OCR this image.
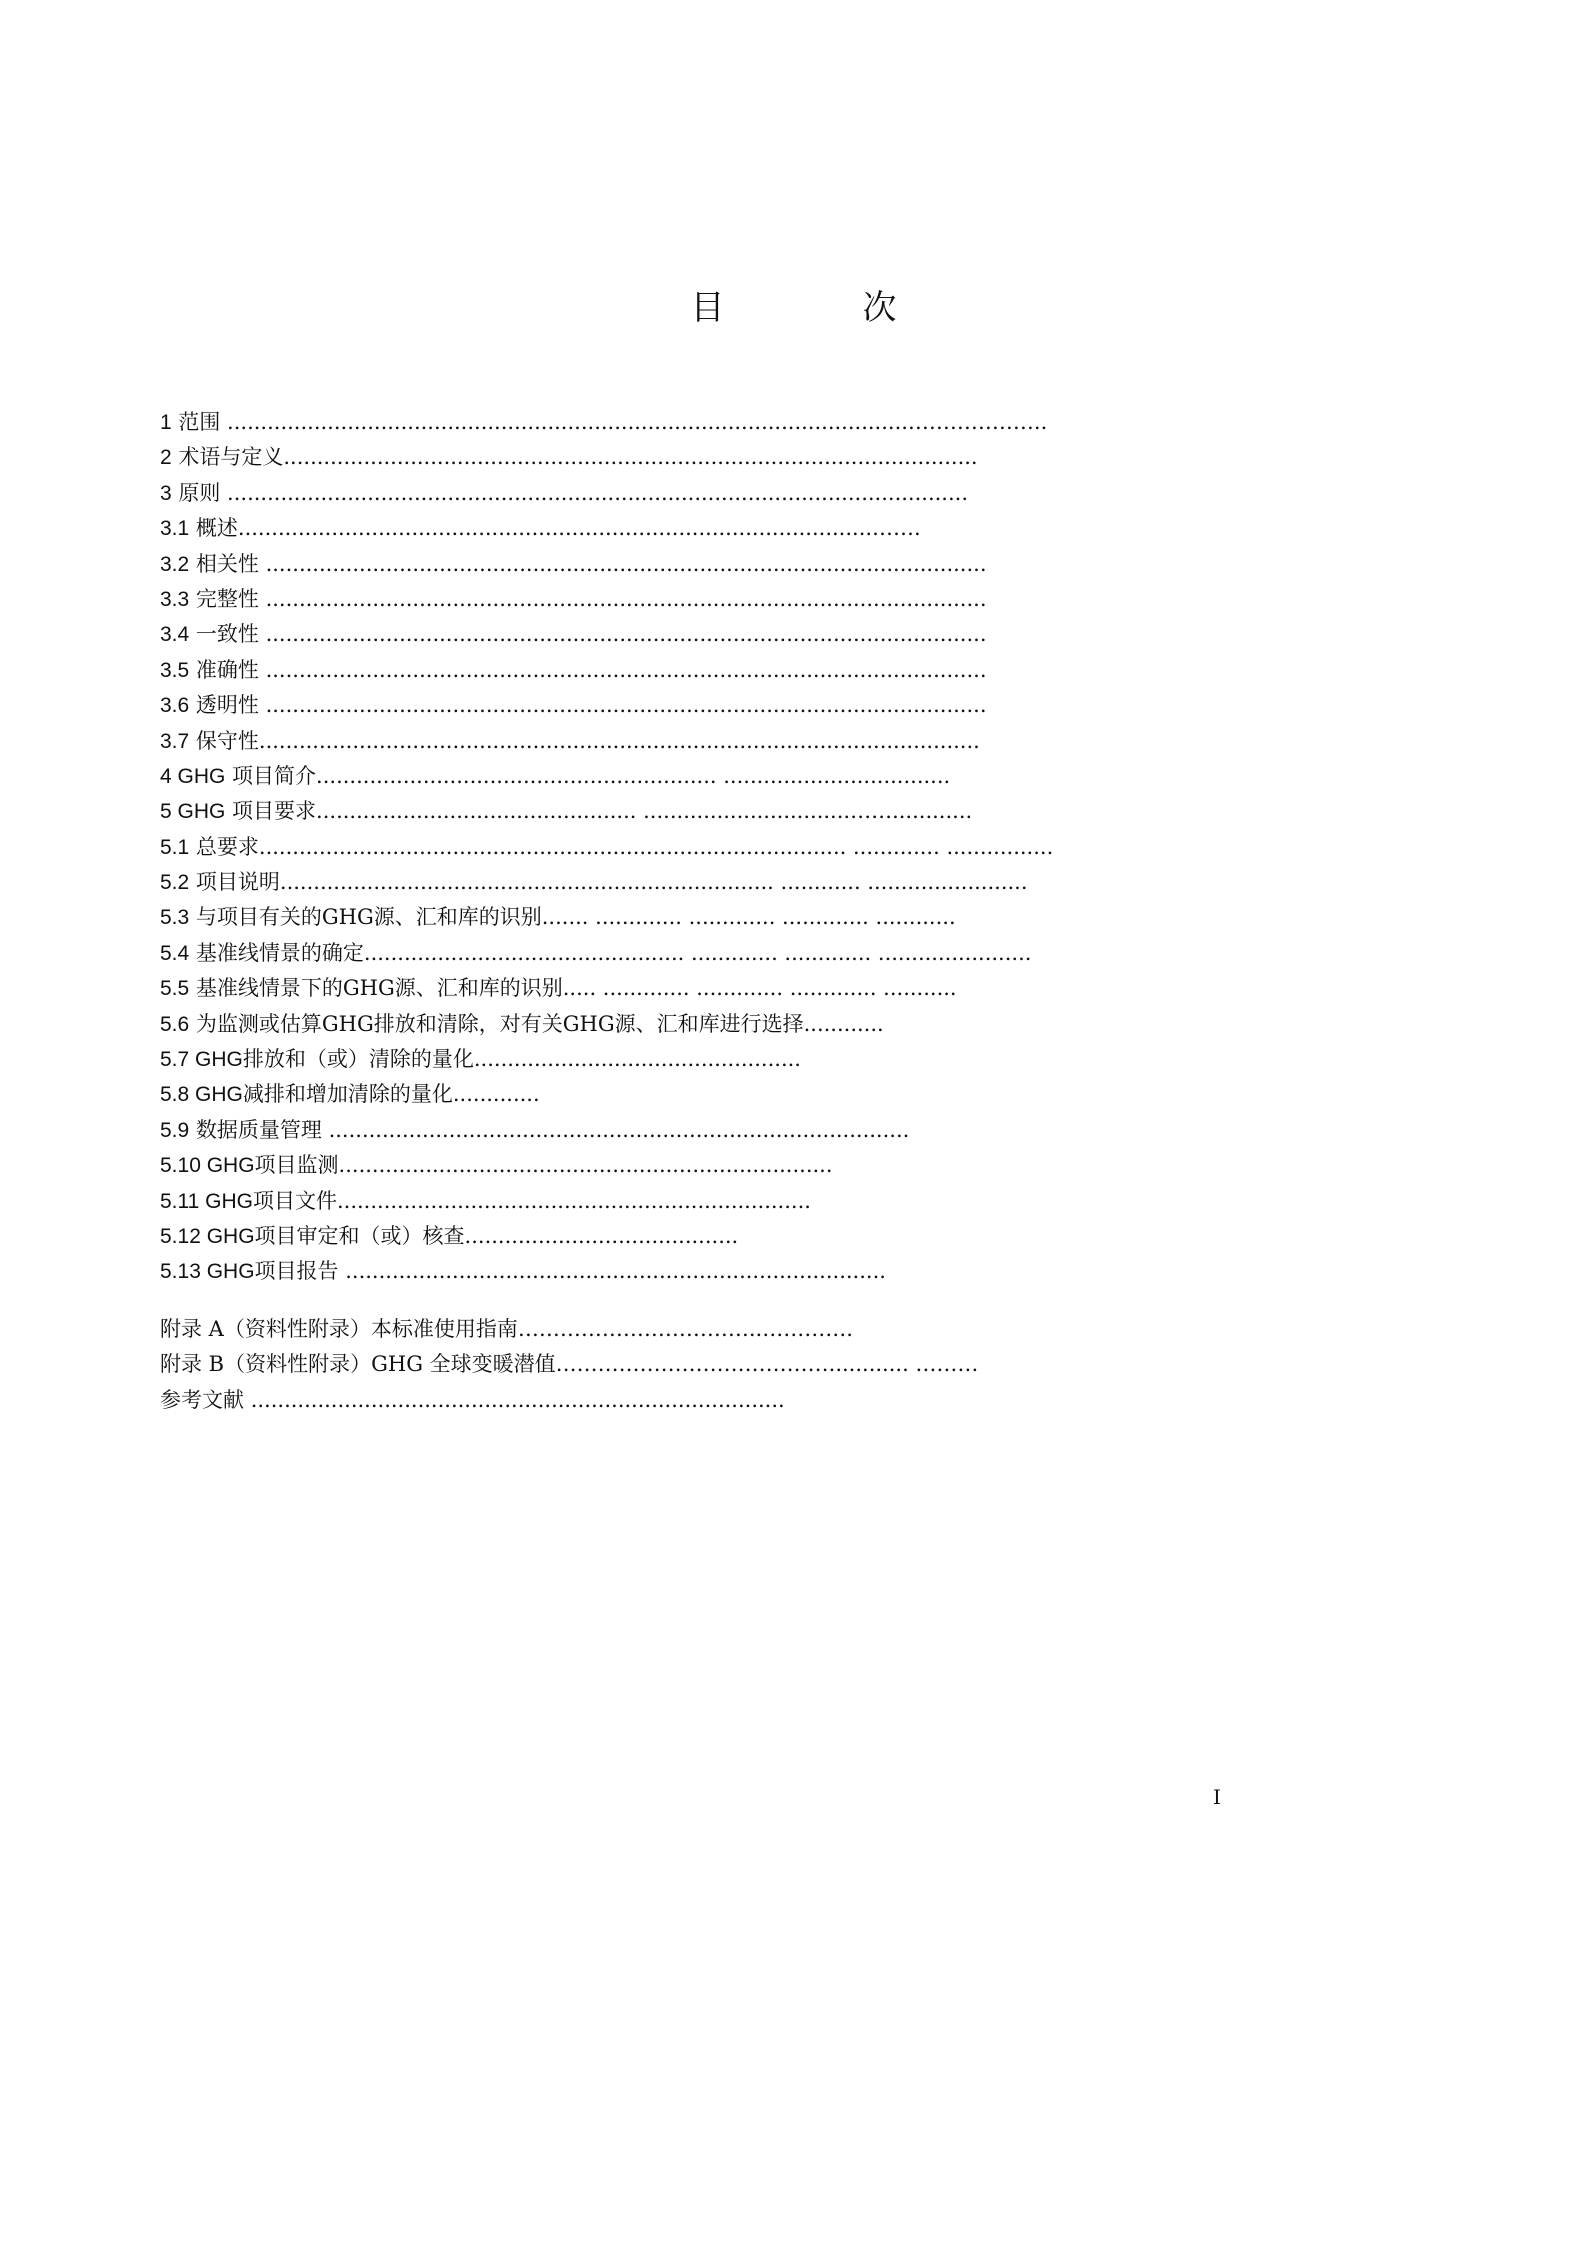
目　次
1 范围 ......................................................................................................………………..
2 术语与定义........................................................................................................
3 原则 ...............................................................................................................
3.1 概述...............................................................................................…….
3.2 相关性 ............................................................................................................
3.3 完整性 ............................................................................................................
3.4 一致性 ............................................................................................................
3.5 准确性 ............................................................................................................
3.6 透明性 ............................................................................................................
3.7 保守性............................................................................................................
4 GHG 项目简介............................................................ ..................................
5 GHG 项目要求................................................ ...............................……............
5.1 总要求........................................................................................ ............. ................
5.2 项目说明.......................................................................... ............ ........................
5.3 与项目有关的GHG源、汇和库的识别....... ............. ............. ............. ............
5.4 基准线情景的确定................................................ ............. ............. .......................
5.5 基准线情景下的GHG源、汇和库的识别..... ............. ............. ............. ...........
5.6 为监测或估算GHG排放和清除，对有关GHG源、汇和库进行选择............
5.7 GHG排放和（或）清除的量化.................................................
5.8 GHG减排和增加清除的量化.............
5.9 数据质量管理 .......................................................................................
5.10 GHG项目监测..........................................................................
5.11 GHG项目文件.......................................................................
5.12 GHG项目审定和（或）核查.........................................
5.13 GHG项目报告 .................................................................................
附录 A（资料性附录）本标准使用指南……………………………..………….
附录 B（资料性附录）GHG 全球变暖潜值…………………………………............ ………
参考文献 ................................................................................
I
